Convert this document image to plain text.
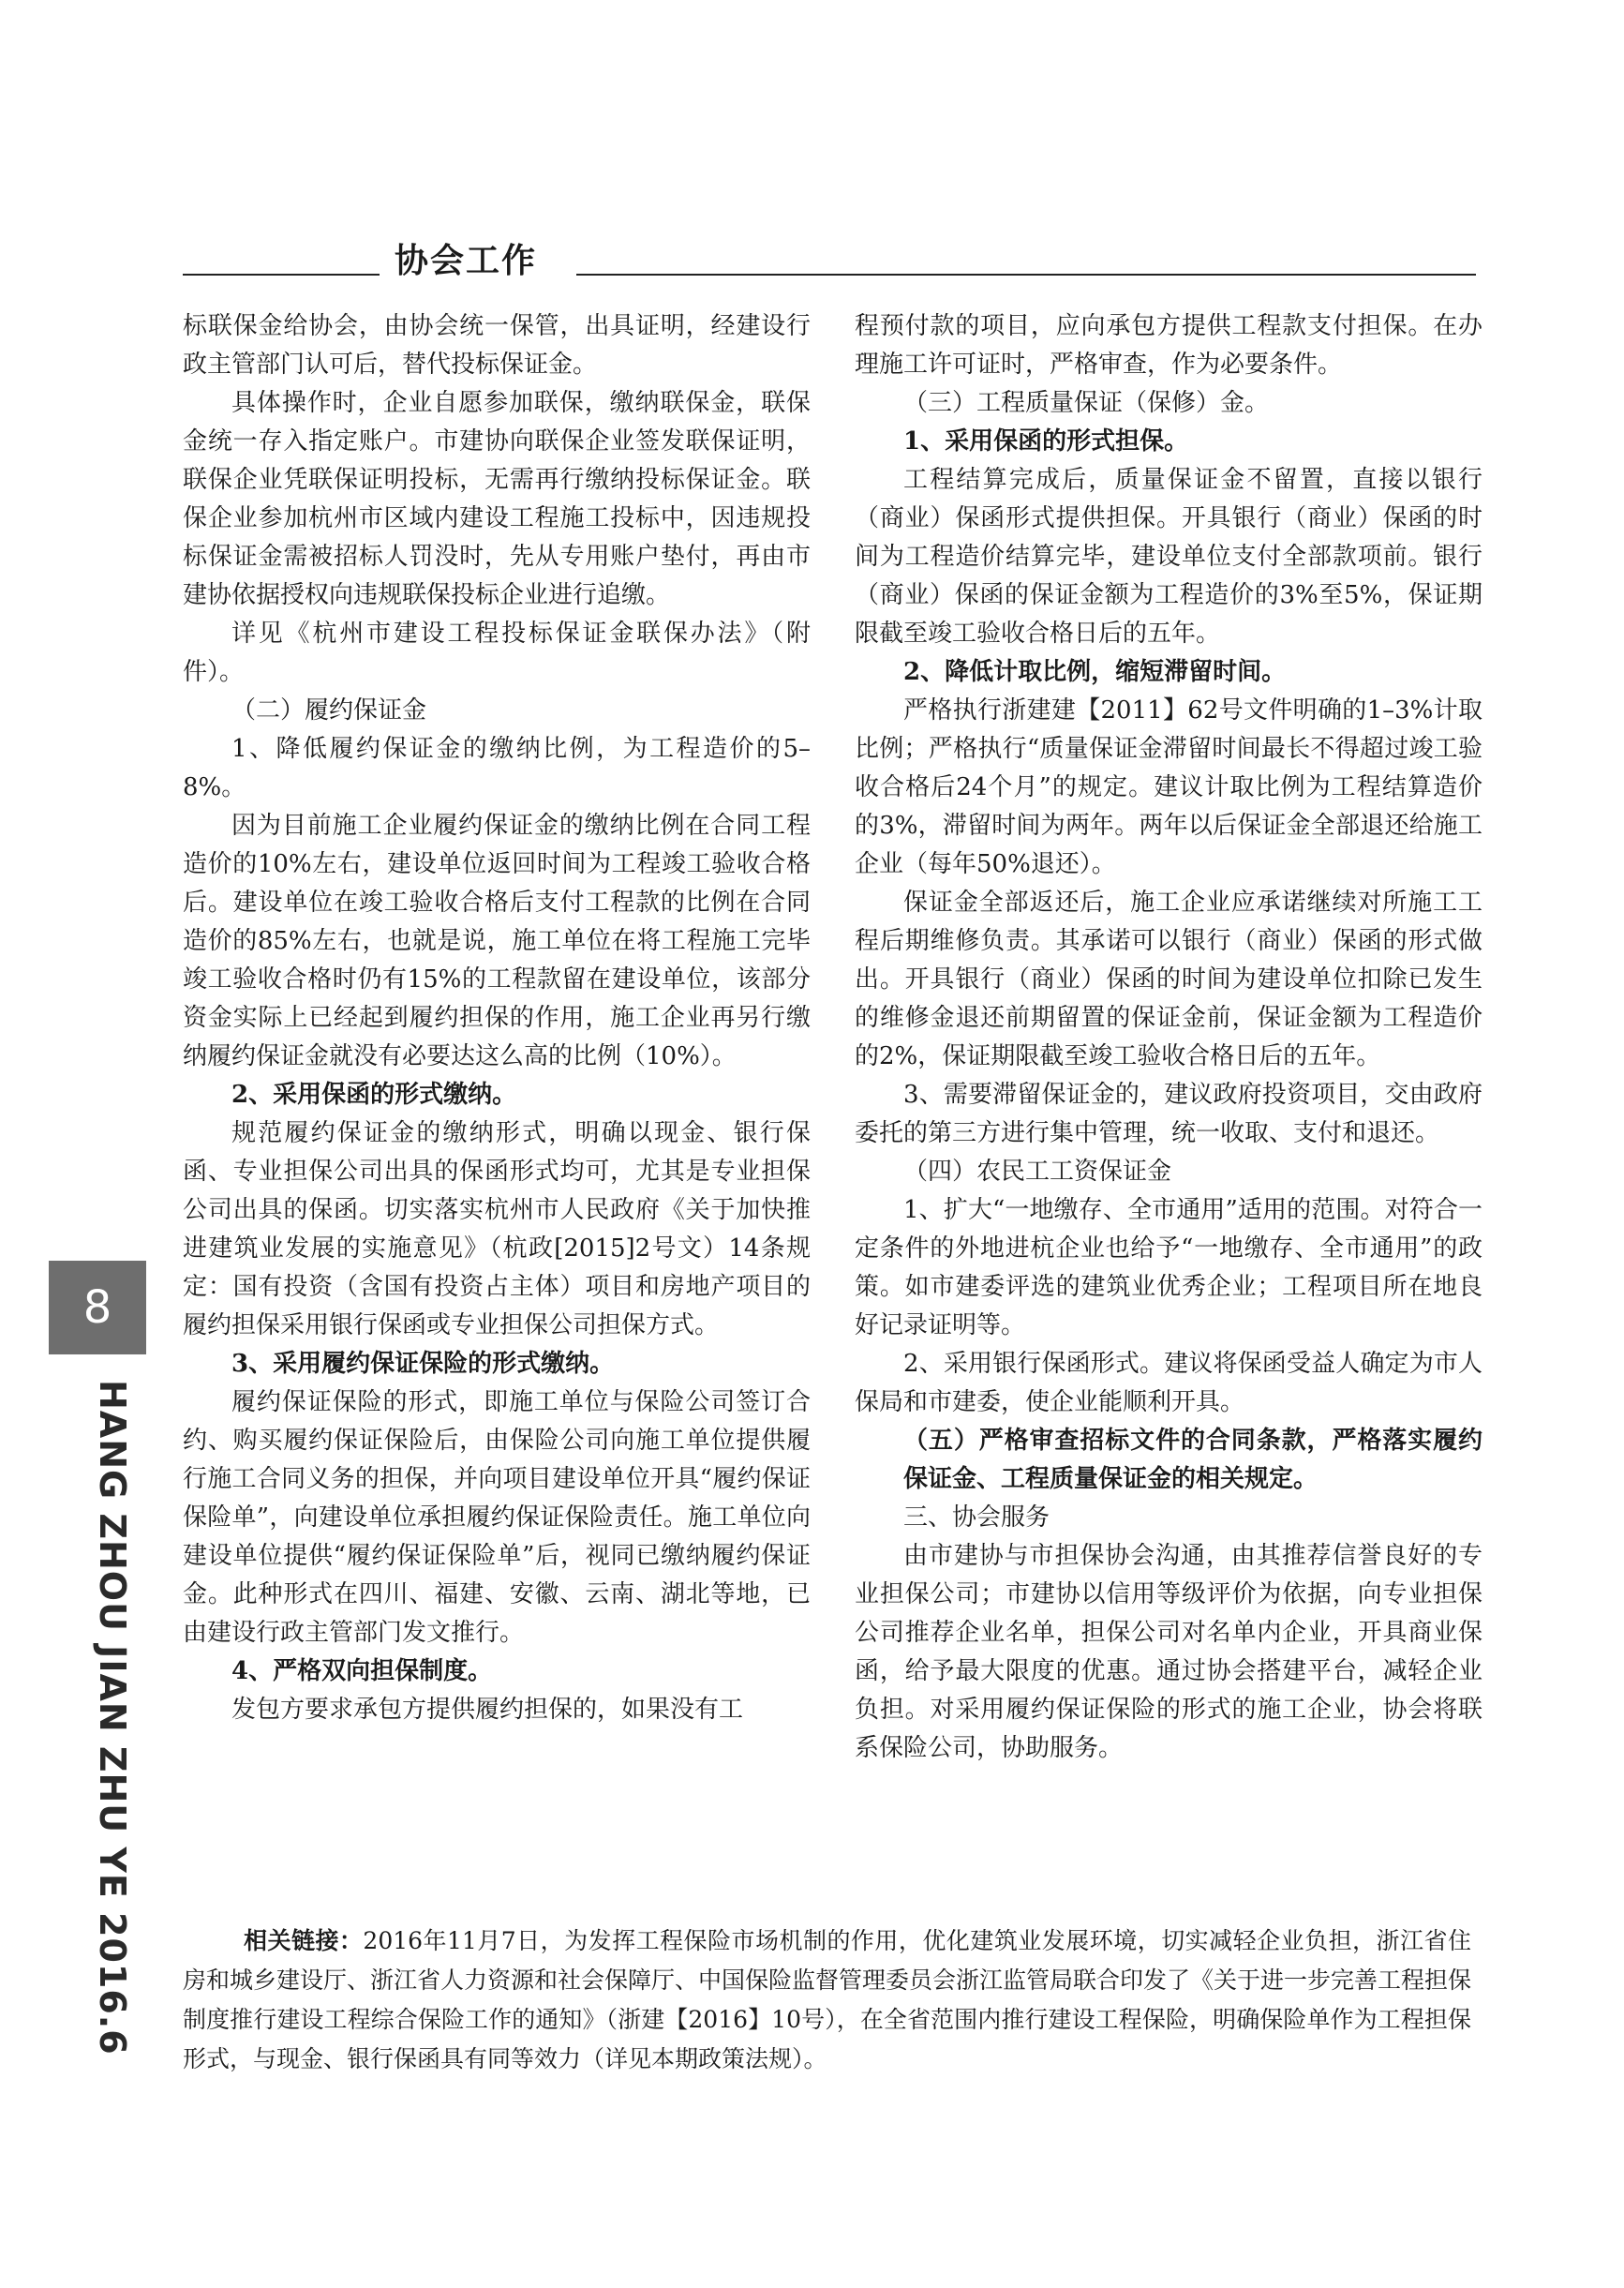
协会工作

标联保金给协会，由协会统一保管，出具证明，经建设行政主管部门认可后，替代投标保证金。

具体操作时，企业自愿参加联保，缴纳联保金，联保金统一存入指定账户。市建协向联保企业签发联保证明，联保企业凭联保证明投标，无需再行缴纳投标保证金。联保企业参加杭州市区域内建设工程施工投标中，因违规投标保证金需被招标人罚没时，先从专用账户垫付，再由市建协依据授权向违规联保投标企业进行追缴。

详见《杭州市建设工程投标保证金联保办法》（附件）。

（二）履约保证金

1、降低履约保证金的缴纳比例，为工程造价的5–8%。

因为目前施工企业履约保证金的缴纳比例在合同工程造价的10%左右，建设单位返回时间为工程竣工验收合格后。建设单位在竣工验收合格后支付工程款的比例在合同造价的85%左右，也就是说，施工单位在将工程施工完毕竣工验收合格时仍有15%的工程款留在建设单位，该部分资金实际上已经起到履约担保的作用，施工企业再另行缴纳履约保证金就没有必要达这么高的比例（10%）。

2、采用保函的形式缴纳。

规范履约保证金的缴纳形式，明确以现金、银行保函、专业担保公司出具的保函形式均可，尤其是专业担保公司出具的保函。切实落实杭州市人民政府《关于加快推进建筑业发展的实施意见》（杭政[2015]2号文）14条规定：国有投资（含国有投资占主体）项目和房地产项目的履约担保采用银行保函或专业担保公司担保方式。

3、采用履约保证保险的形式缴纳。

履约保证保险的形式，即施工单位与保险公司签订合约、购买履约保证保险后，由保险公司向施工单位提供履行施工合同义务的担保，并向项目建设单位开具“履约保证保险单”，向建设单位承担履约保证保险责任。施工单位向建设单位提供“履约保证保险单”后，视同已缴纳履约保证金。此种形式在四川、福建、安徽、云南、湖北等地，已由建设行政主管部门发文推行。

4、严格双向担保制度。

发包方要求承包方提供履约担保的，如果没有工

程预付款的项目，应向承包方提供工程款支付担保。在办理施工许可证时，严格审查，作为必要条件。

（三）工程质量保证（保修）金。

1、采用保函的形式担保。

工程结算完成后，质量保证金不留置，直接以银行（商业）保函形式提供担保。开具银行（商业）保函的时间为工程造价结算完毕，建设单位支付全部款项前。银行（商业）保函的保证金额为工程造价的3%至5%，保证期限截至竣工验收合格日后的五年。

2、降低计取比例，缩短滞留时间。

严格执行浙建建【2011】62号文件明确的1–3%计取比例；严格执行“质量保证金滞留时间最长不得超过竣工验收合格后24个月”的规定。建议计取比例为工程结算造价的3%，滞留时间为两年。两年以后保证金全部退还给施工企业（每年50%退还）。

保证金全部返还后，施工企业应承诺继续对所施工工程后期维修负责。其承诺可以银行（商业）保函的形式做出。开具银行（商业）保函的时间为建设单位扣除已发生的维修金退还前期留置的保证金前，保证金额为工程造价的2%，保证期限截至竣工验收合格日后的五年。

3、需要滞留保证金的，建议政府投资项目，交由政府委托的第三方进行集中管理，统一收取、支付和退还。

（四）农民工工资保证金

1、扩大“一地缴存、全市通用”适用的范围。对符合一定条件的外地进杭企业也给予“一地缴存、全市通用”的政策。如市建委评选的建筑业优秀企业；工程项目所在地良好记录证明等。

2、采用银行保函形式。建议将保函受益人确定为市人保局和市建委，使企业能顺利开具。

（五）严格审查招标文件的合同条款，严格落实履约保证金、工程质量保证金的相关规定。

三、协会服务

由市建协与市担保协会沟通，由其推荐信誉良好的专业担保公司；市建协以信用等级评价为依据，向专业担保公司推荐企业名单，担保公司对名单内企业，开具商业保函，给予最大限度的优惠。通过协会搭建平台，减轻企业负担。对采用履约保证保险的形式的施工企业，协会将联系保险公司，协助服务。

8
HANG ZHOU JIAN ZHU YE 2016.6	相关链接：2016年11月7日，为发挥工程保险市场机制的作用，优化建筑业发展环境，切实减轻企业负担，浙江省住房和城乡建设厅、浙江省人力资源和社会保障厅、中国保险监督管理委员会浙江监管局联合印发了《关于进一步完善工程担保制度推行建设工程综合保险工作的通知》（浙建【2016】10号），在全省范围内推行建设工程保险，明确保险单作为工程担保形式，与现金、银行保函具有同等效力（详见本期政策法规）。
